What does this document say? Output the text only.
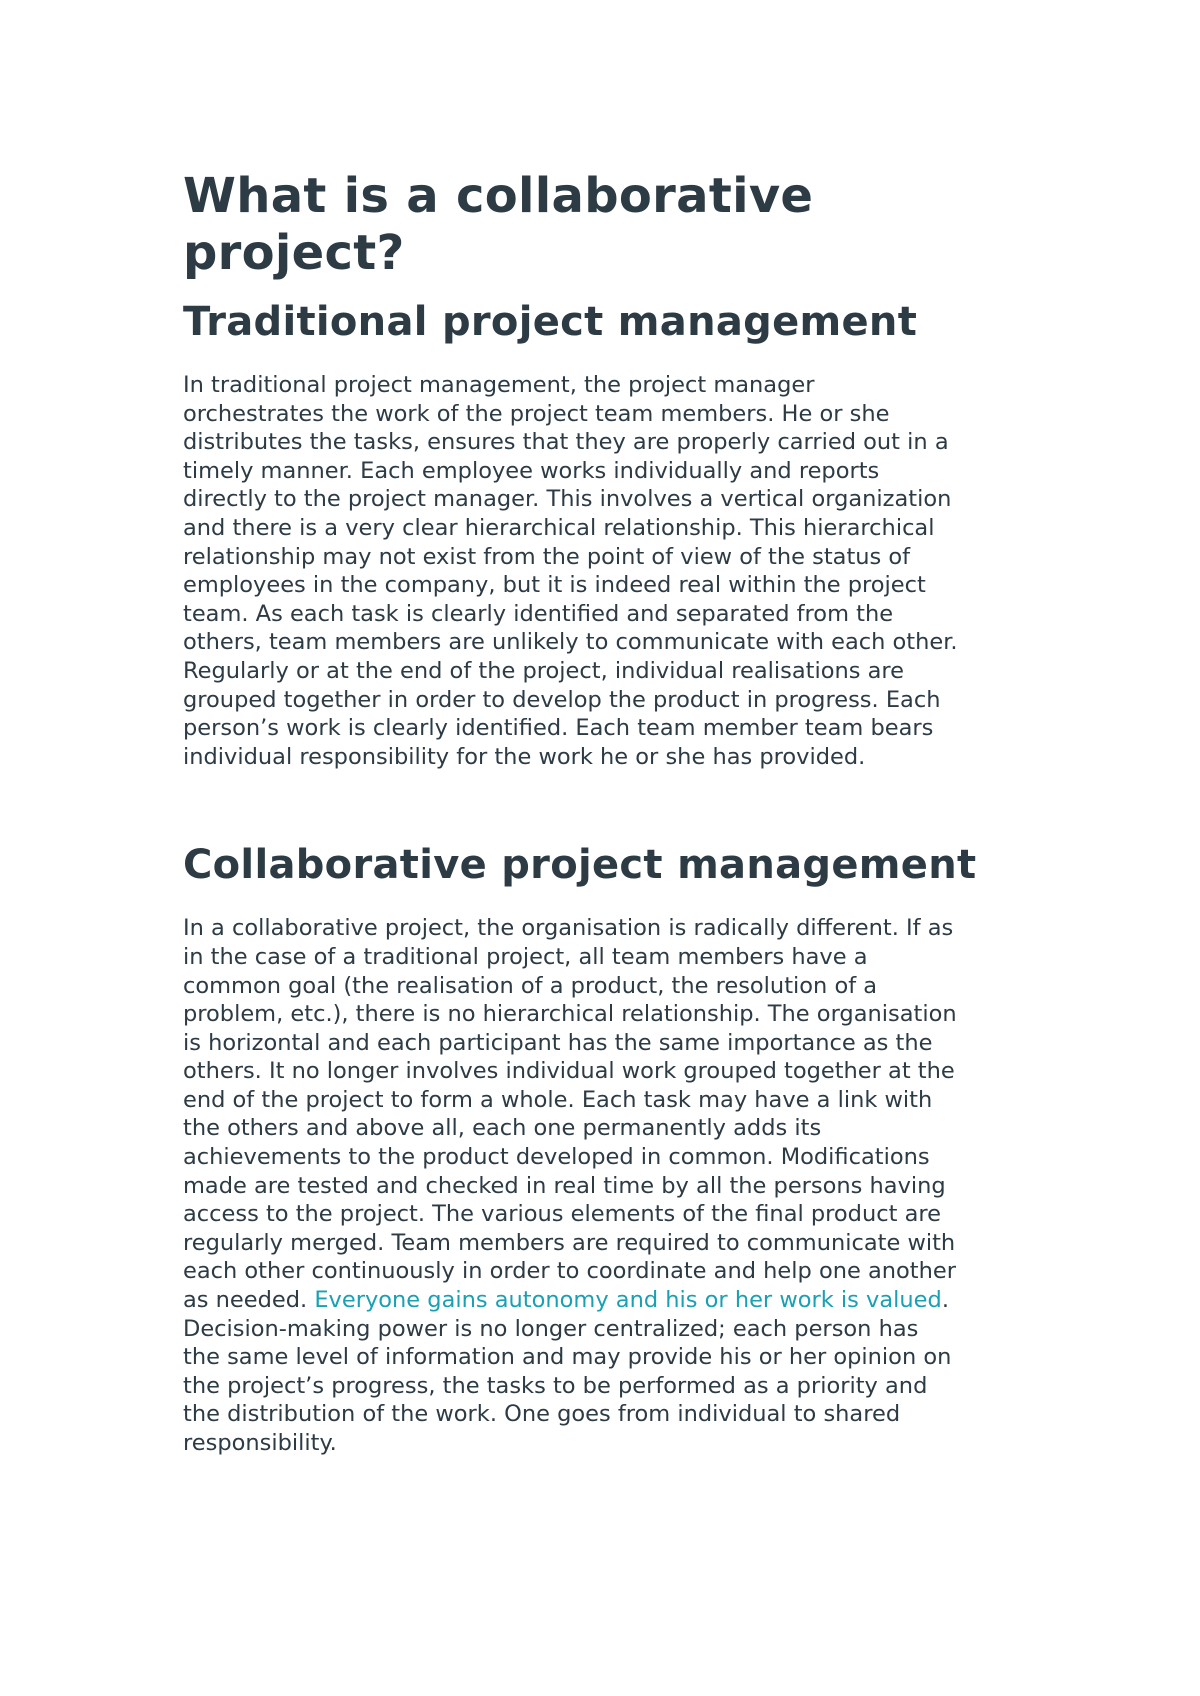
What is a collaborative project?
Traditional project management

In traditional project management, the project manager
orchestrates the work of the project team members. He or she
distributes the tasks, ensures that they are properly carried out in a
timely manner. Each employee works individually and reports
directly to the project manager. This involves a vertical organization
and there is a very clear hierarchical relationship. This hierarchical
relationship may not exist from the point of view of the status of
employees in the company, but it is indeed real within the project
team. As each task is clearly identified and separated from the
others, team members are unlikely to communicate with each other.
Regularly or at the end of the project, individual realisations are
grouped together in order to develop the product in progress. Each
person’s work is clearly identified. Each team member team bears
individual responsibility for the work he or she has provided.

Collaborative project management

In a collaborative project, the organisation is radically different. If as
in the case of a traditional project, all team members have a
common goal (the realisation of a product, the resolution of a
problem, etc.), there is no hierarchical relationship. The organisation
is horizontal and each participant has the same importance as the
others. It no longer involves individual work grouped together at the
end of the project to form a whole. Each task may have a link with
the others and above all, each one permanently adds its
achievements to the product developed in common. Modifications
made are tested and checked in real time by all the persons having
access to the project. The various elements of the final product are
regularly merged. Team members are required to communicate with
each other continuously in order to coordinate and help one another
as needed. Everyone gains autonomy and his or her work is valued.
Decision-making power is no longer centralized; each person has
the same level of information and may provide his or her opinion on
the project’s progress, the tasks to be performed as a priority and
the distribution of the work. One goes from individual to shared
responsibility.
